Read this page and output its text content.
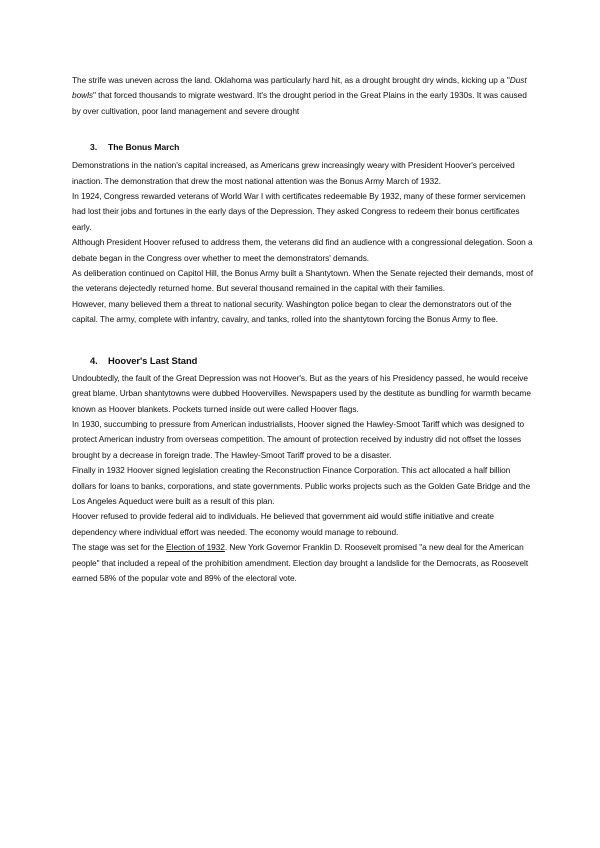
The strife was uneven across the land. Oklahoma was particularly hard hit, as a drought brought dry winds, kicking up a "Dust bowls" that forced thousands to migrate westward. It's the drought period in the Great Plains in the early 1930s. It was caused by over cultivation, poor land management and severe drought

3. The Bonus March

Demonstrations in the nation's capital increased, as Americans grew increasingly weary with President Hoover's perceived inaction. The demonstration that drew the most national attention was the Bonus Army March of 1932.

In 1924, Congress rewarded veterans of World War I with certificates redeemable By 1932, many of these former servicemen had lost their jobs and fortunes in the early days of the Depression. They asked Congress to redeem their bonus certificates early.

Although President Hoover refused to address them, the veterans did find an audience with a congressional delegation. Soon a debate began in the Congress over whether to meet the demonstrators' demands.

As deliberation continued on Capitol Hill, the Bonus Army built a Shantytown. When the Senate rejected their demands, most of the veterans dejectedly returned home. But several thousand remained in the capital with their families.

However, many believed them a threat to national security. Washington police began to clear the demonstrators out of the capital. The army, complete with infantry, cavalry, and tanks, rolled into the shantytown forcing the Bonus Army to flee.

4. Hoover's Last Stand

Undoubtedly, the fault of the Great Depression was not Hoover's. But as the years of his Presidency passed, he would receive great blame. Urban shantytowns were dubbed Hoovervilles. Newspapers used by the destitute as bundling for warmth became known as Hoover blankets. Pockets turned inside out were called Hoover flags.

In 1930, succumbing to pressure from American industrialists, Hoover signed the Hawley-Smoot Tariff which was designed to protect American industry from overseas competition. The amount of protection received by industry did not offset the losses brought by a decrease in foreign trade. The Hawley-Smoot Tariff proved to be a disaster.

Finally in 1932 Hoover signed legislation creating the Reconstruction Finance Corporation. This act allocated a half billion dollars for loans to banks, corporations, and state governments. Public works projects such as the Golden Gate Bridge and the Los Angeles Aqueduct were built as a result of this plan.

Hoover refused to provide federal aid to individuals. He believed that government aid would stifle initiative and create dependency where individual effort was needed. The economy would manage to rebound.

The stage was set for the Election of 1932. New York Governor Franklin D. Roosevelt promised "a new deal for the American people" that included a repeal of the prohibition amendment. Election day brought a landslide for the Democrats, as Roosevelt earned 58% of the popular vote and 89% of the electoral vote.
